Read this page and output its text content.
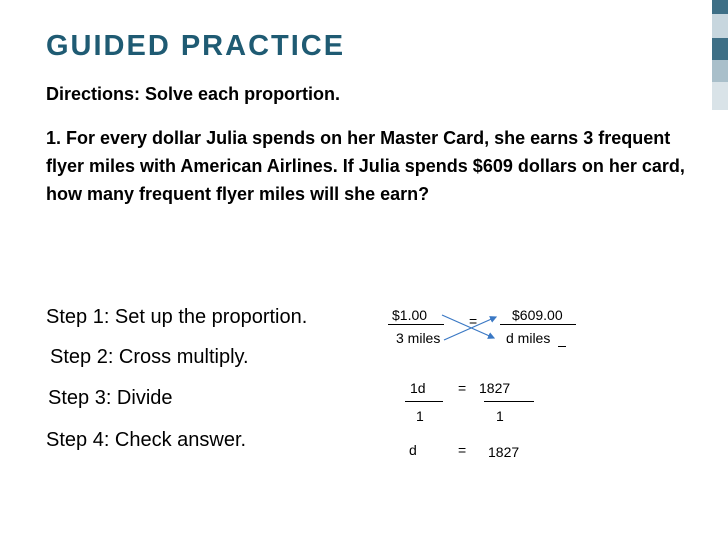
GUIDED PRACTICE
Directions: Solve each proportion.
1. For every dollar Julia spends on her Master Card, she earns 3 frequent flyer miles with American Airlines. If Julia spends $609 dollars on her card, how many frequent flyer miles will she earn?
Step 1: Set up the proportion.
Step 2: Cross multiply.
Step 3: Divide
Step 4: Check answer.
$1.00
3 miles
= $609.00
d miles
1d
1
= 1827
1
d	= 1827
